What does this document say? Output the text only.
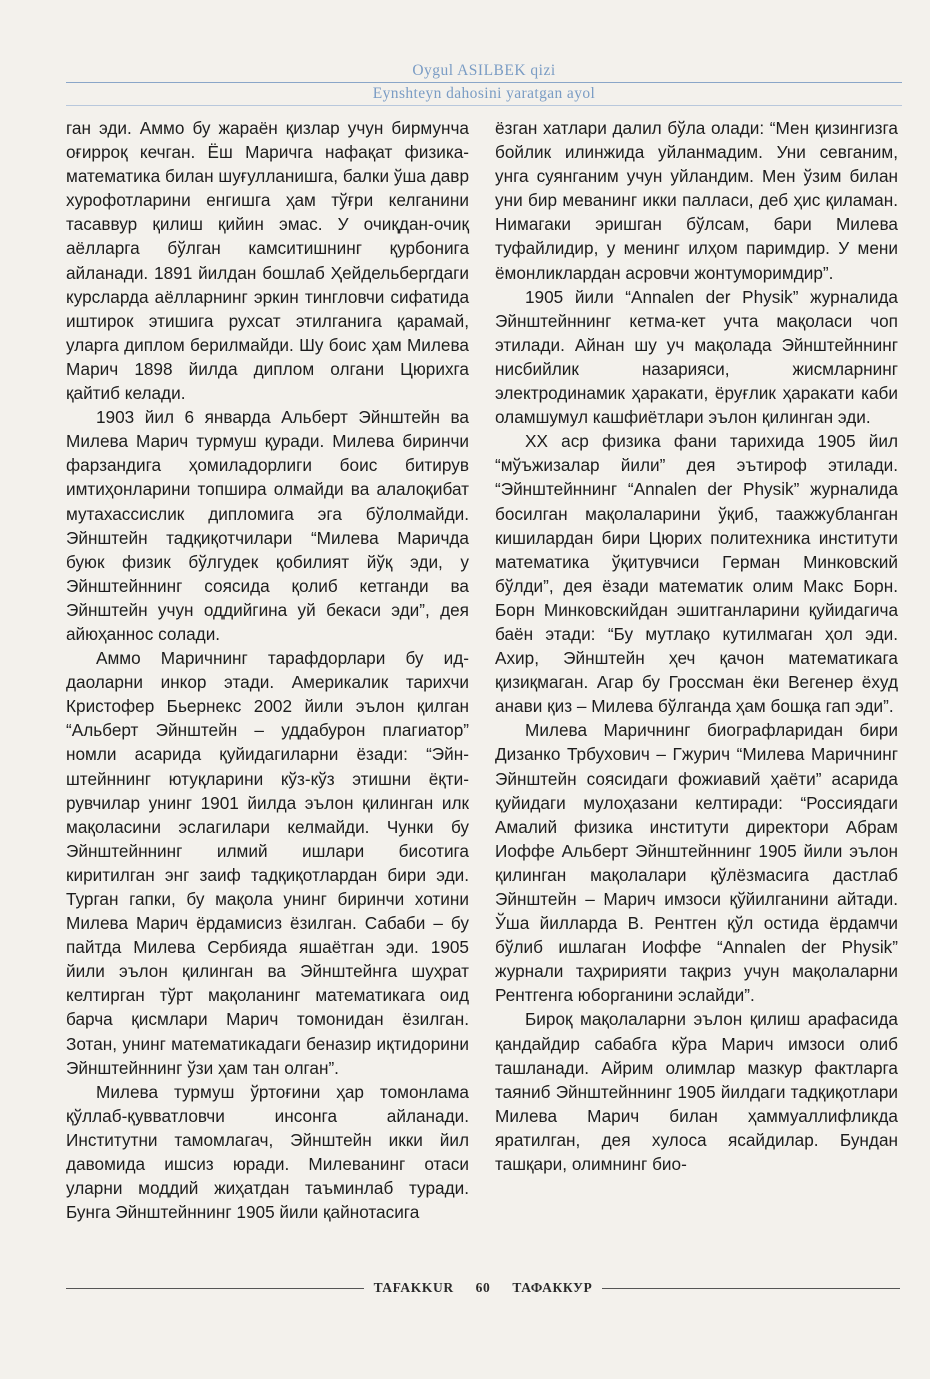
Oygul ASILBEK qizi
Eynshteyn dahosini yaratgan ayol

ган эди. Аммо бу жараён қизлар учун бирмунча оғирроқ кечган. Ёш Маричга нафақат физика-математика билан шуғулланишга, балки ўша давр хурофотларини енгишга ҳам тўғри келганини тасаввур қилиш қийин эмас. У очиқдан-очиқ аёлларга бўлган камситишнинг қурбонига айланади. 1891 йилдан бошлаб Ҳейдельбергдаги курсларда аёлларнинг эркин тингловчи сифатида иштирок этишига рухсат этилганига қарамай, уларга диплом берилмайди. Шу боис ҳам Милева Марич 1898 йилда диплом олгани Цюрихга қайтиб келади.

1903 йил 6 январда Альберт Эйнштейн ва Милева Марич турмуш қуради. Милева биринчи фарзандига ҳомиладорлиги боис битирув имтиҳонларини топшира олмайди ва алалоқибат мутахассислик дипломига эга бўлолмайди. Эйнштейн тадқиқотчилари “Милева Маричда буюк физик бўлгудек қобилият йўқ эди, у Эйнштейннинг соясида қолиб кетганди ва Эйнштейн учун оддийгина уй бекаси эди”, дея айюҳаннос солади.

Аммо Маричнинг тарафдорлари бу иддаоларни инкор этади. Америкалик тарихчи Кристофер Бьернекс 2002 йили эълон қилган “Альберт Эйнштейн – уддабурон плагиатор” номли асарида қуйидагиларни ёзади: “Эйнштейннинг ютуқларини кўз-кўз этишни ёқтирувчилар унинг 1901 йилда эълон қилинган илк мақоласини эслагилари келмайди. Чунки бу Эйнштейннинг илмий ишлари бисотига киритилган энг заиф тадқиқотлардан бири эди. Турган гапки, бу мақола унинг биринчи хотини Милева Марич ёрдамисиз ёзилган. Сабаби – бу пайтда Милева Сербияда яшаётган эди. 1905 йили эълон қилинган ва Эйнштейнга шуҳрат келтирган тўрт мақоланинг математикага оид барча қисмлари Марич томонидан ёзилган. Зотан, унинг математикадаги беназир иқтидорини Эйнштейннинг ўзи ҳам тан олган”.

Милева турмуш ўртоғини ҳар томонлама қўллаб-қувватловчи инсонга айланади. Институтни тамомлагач, Эйнштейн икки йил давомида ишсиз юради. Милеванинг отаси уларни моддий жиҳатдан таъминлаб туради. Бунга Эйнштейннинг 1905 йили қайнотасига

ёзган хатлари далил бўла олади: “Мен қизингизга бойлик илинжида уйланмадим. Уни севганим, унга суянганим учун уйландим. Мен ўзим билан уни бир меванинг икки палласи, деб ҳис қиламан. Нимагаки эришган бўлсам, бари Милева туфайлидир, у менинг илҳом паримдир. У мени ёмонликлардан асровчи жонтуморимдир”.

1905 йили “Annalen der Physik” журналида Эйнштейннинг кетма-кет учта мақоласи чоп этилади. Айнан шу уч мақолада Эйнштейннинг нисбийлик назарияси, жисмларнинг электродинамик ҳаракати, ёруғлик ҳаракати каби оламшумул кашфиётлари эълон қилинган эди.

XX аср физика фани тарихида 1905 йил “мўъжизалар йили” дея эътироф этилади. “Эйнштейннинг “Annalen der Physik” журналида босилган мақолаларини ўқиб, таажжубланган кишилардан бири Цюрих политехника институти математика ўқитувчиси Герман Минковский бўлди”, дея ёзади математик олим Макс Борн. Борн Минковскийдан эшитганларини қуйидагича баён этади: “Бу мутлақо кутилмаган ҳол эди. Ахир, Эйнштейн ҳеч қачон математикага қизиқмаган. Агар бу Гроссман ёки Вегенер ёхуд анави қиз – Милева бўлганда ҳам бошқа гап эди”.

Милева Маричнинг биографларидан бири Дизанко Трбухович – Гжурич “Милева Маричнинг Эйнштейн соясидаги фожиавий ҳаёти” асарида қуйидаги мулоҳазани келтиради: “Россиядаги Амалий физика институти директори Абрам Иоффе Альберт Эйнштейннинг 1905 йили эълон қилинган мақолалари қўлёзмасига дастлаб Эйнштейн – Марич имзоси қўйилганини айтади. Ўша йилларда В. Рентген қўл остида ёрдамчи бўлиб ишлаган Иоффе “Annalen der Physik” журнали таҳририяти тақриз учун мақолаларни Рентгенга юборганини эслайди”.

Бироқ мақолаларни эълон қилиш арафасида қандайдир сабабга кўра Марич имзоси олиб ташланади. Айрим олимлар мазкур фактларга таяниб Эйнштейннинг 1905 йилдаги тадқиқотлари Милева Марич билан ҳаммуаллифликда яратилган, дея хулоса ясайдилар. Бундан ташқари, олимнинг био-

TAFAKKUR	60	ТАФАККУР
